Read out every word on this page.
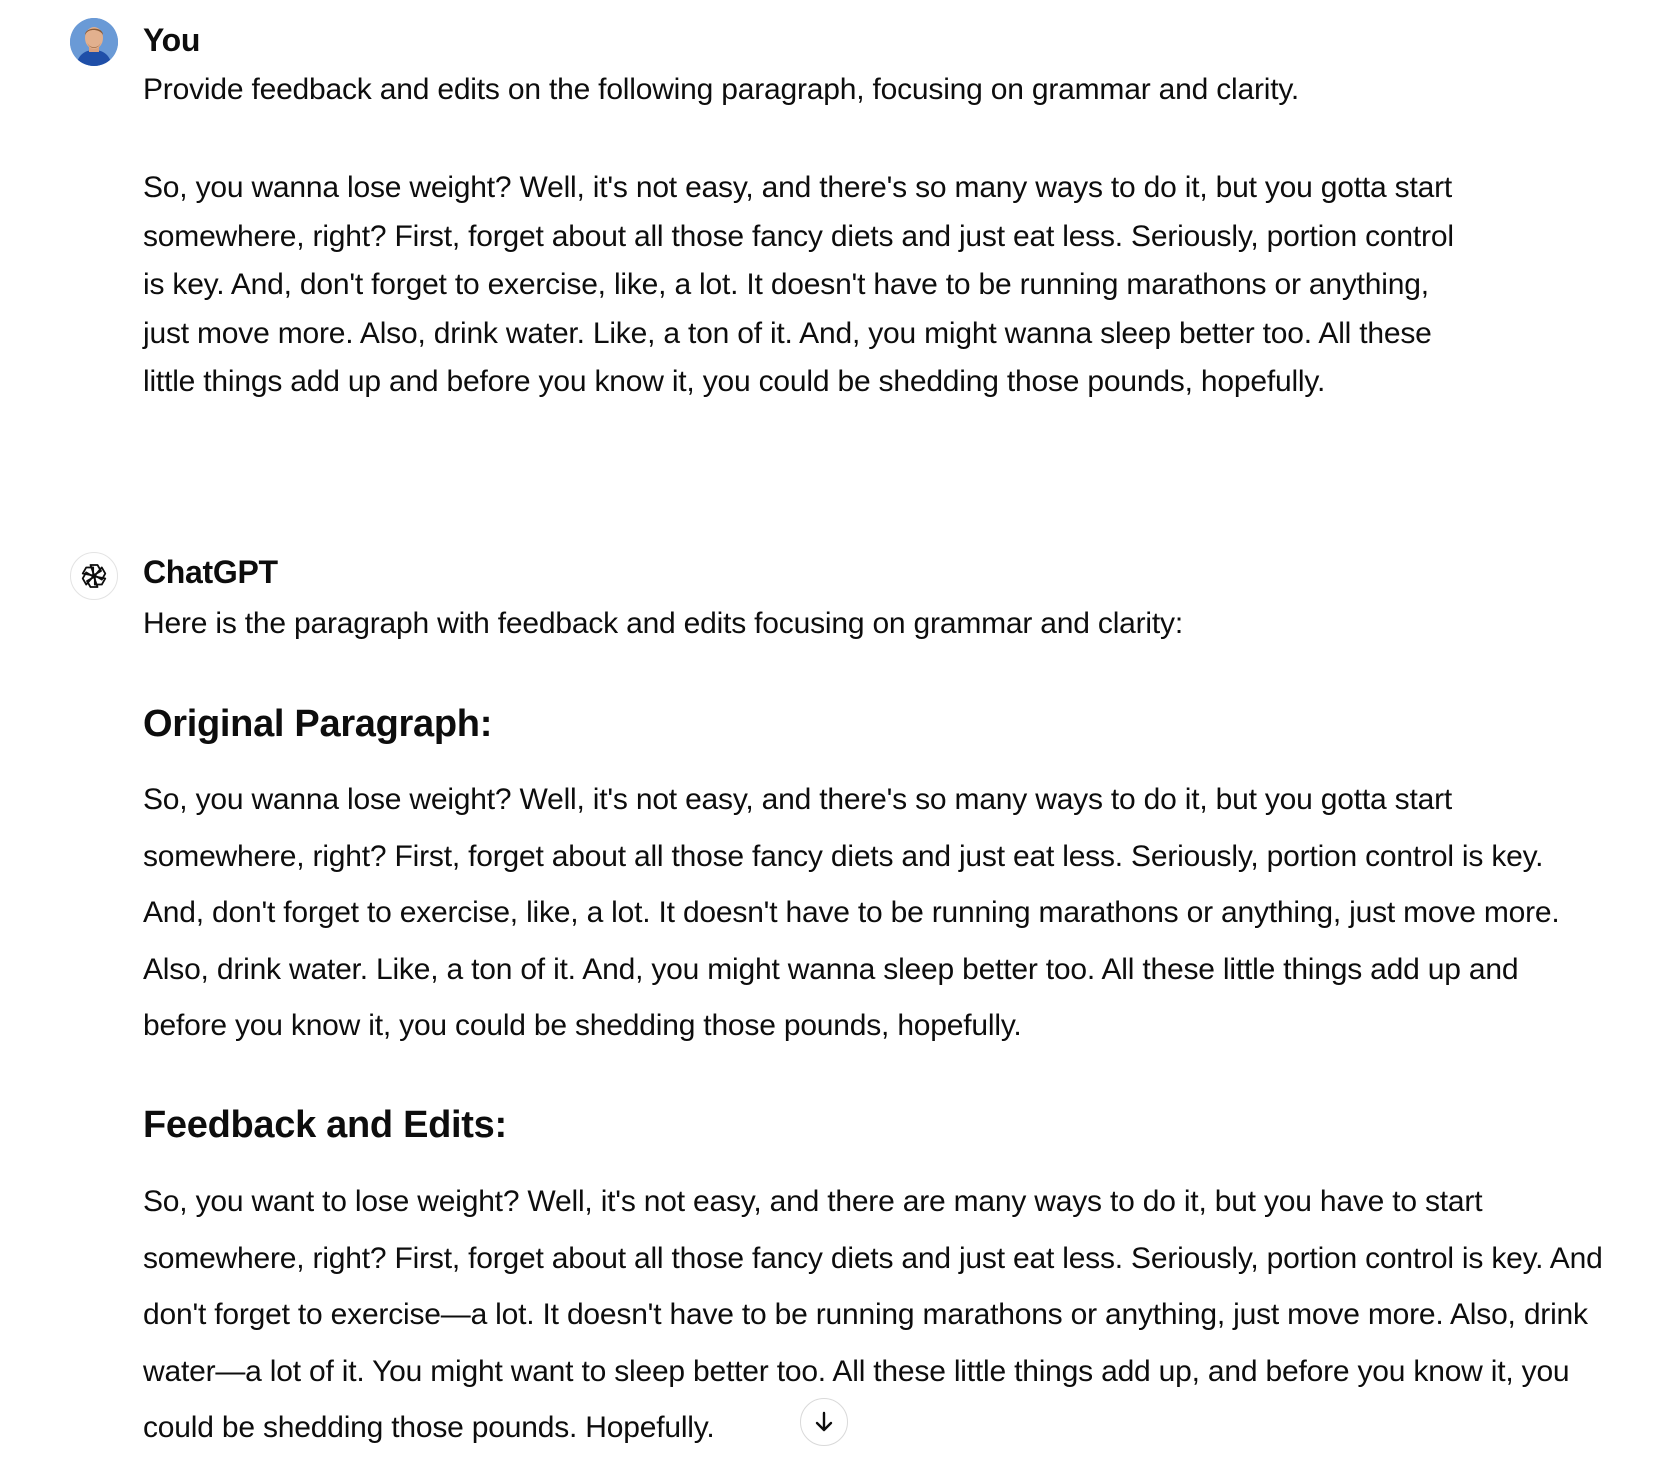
You

Provide feedback and edits on the following paragraph, focusing on grammar and clarity.

So, you wanna lose weight? Well, it's not easy, and there's so many ways to do it, but you gotta start somewhere, right? First, forget about all those fancy diets and just eat less. Seriously, portion control is key. And, don't forget to exercise, like, a lot. It doesn't have to be running marathons or anything, just move more. Also, drink water. Like, a ton of it. And, you might wanna sleep better too. All these little things add up and before you know it, you could be shedding those pounds, hopefully.

ChatGPT

Here is the paragraph with feedback and edits focusing on grammar and clarity:

Original Paragraph:

So, you wanna lose weight? Well, it's not easy, and there's so many ways to do it, but you gotta start somewhere, right? First, forget about all those fancy diets and just eat less. Seriously, portion control is key. And, don't forget to exercise, like, a lot. It doesn't have to be running marathons or anything, just move more. Also, drink water. Like, a ton of it. And, you might wanna sleep better too. All these little things add up and before you know it, you could be shedding those pounds, hopefully.

Feedback and Edits:

So, you want to lose weight? Well, it's not easy, and there are many ways to do it, but you have to start somewhere, right? First, forget about all those fancy diets and just eat less. Seriously, portion control is key. And don't forget to exercise—a lot. It doesn't have to be running marathons or anything, just move more. Also, drink water—a lot of it. You might want to sleep better too. All these little things add up, and before you know it, you could be shedding those pounds. Hopefully.
